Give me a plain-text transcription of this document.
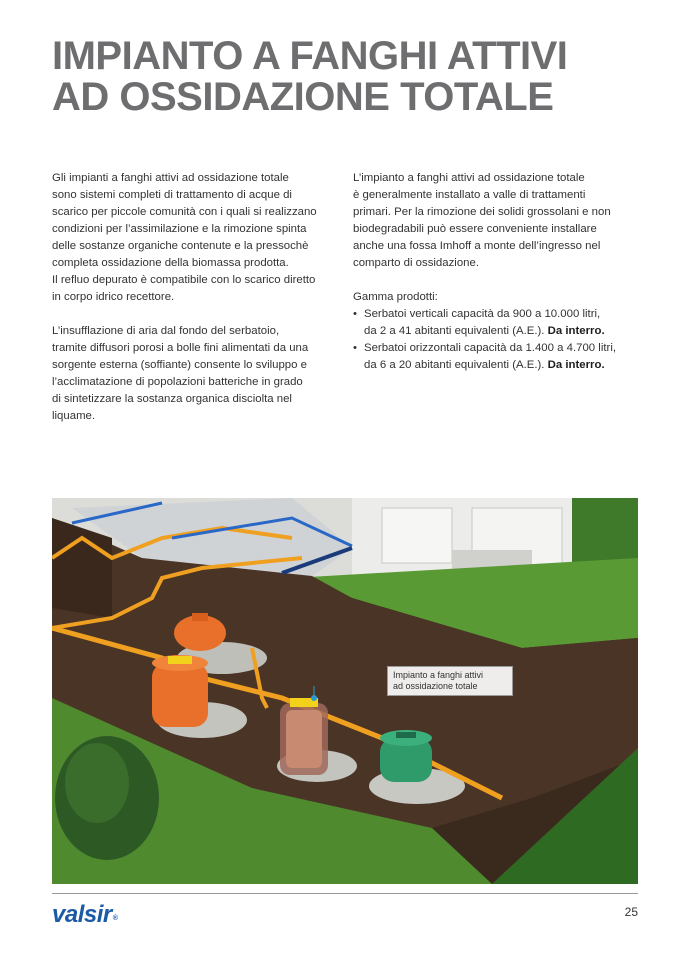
IMPIANTO A FANGHI ATTIVI
AD OSSIDAZIONE TOTALE

Gli impianti a fanghi attivi ad ossidazione totale
sono sistemi completi di trattamento di acque di
scarico per piccole comunità con i quali si realizzano
condizioni per l’assimilazione e la rimozione spinta
delle sostanze organiche contenute e la pressochè
completa ossidazione della biomassa prodotta.
Il refluo depurato è compatibile con lo scarico diretto
in corpo idrico recettore.

L’insufflazione di aria dal fondo del serbatoio,
tramite diffusori porosi a bolle fini alimentati da una
sorgente esterna (soffiante) consente lo sviluppo e
l’acclimatazione di popolazioni batteriche in grado
di sintetizzare la sostanza organica disciolta nel
liquame.

L’impianto a fanghi attivi ad ossidazione totale
è generalmente installato a valle di trattamenti
primari. Per la rimozione dei solidi grossolani e non
biodegradabili può essere conveniente installare
anche una fossa Imhoff a monte dell’ingresso nel
comparto di ossidazione.

Gamma prodotti:

• Serbatoi verticali capacità da 900 a 10.000 litri,
da 2 a 41 abitanti equivalenti (A.E.). Da interro.
• Serbatoi orizzontali capacità da 1.400 a 4.700 litri,
da 6 a 20 abitanti equivalenti (A.E.). Da interro.
Impianto a fanghi attivi
ad ossidazione totale
valsir®	25
